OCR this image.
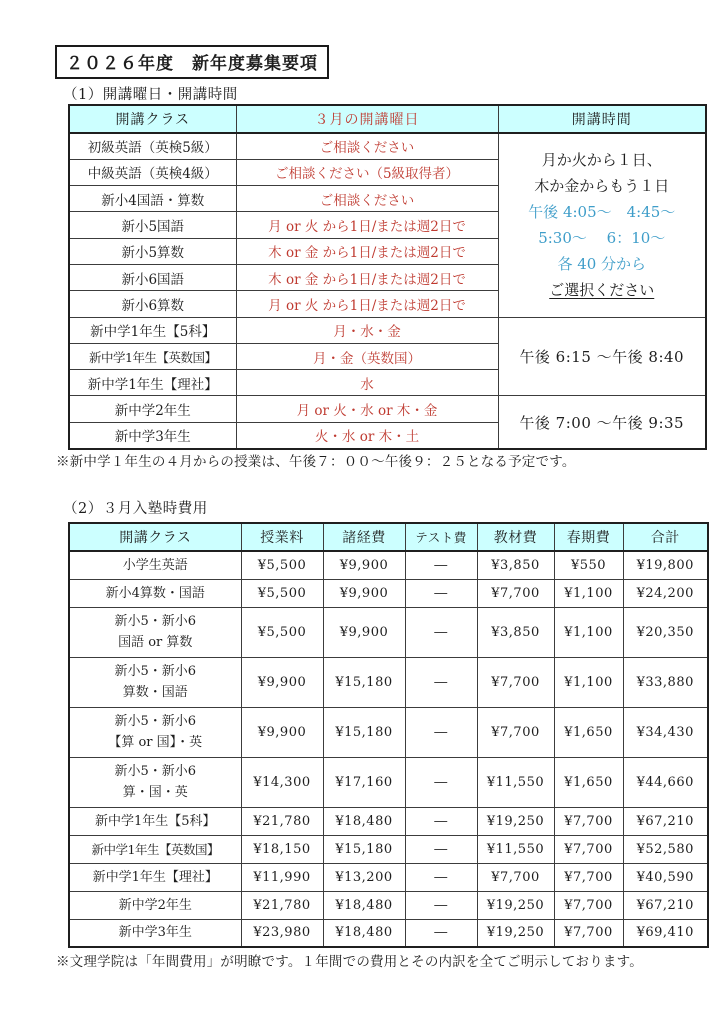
２０２６年度　新年度募集要項
（1）開講曜日・開講時間
開講クラス	３月の開講曜日	開講時間
初級英語（英検5級）	ご相談ください	
月か火から１日、
木か金からもう１日
午後 4:05～　4:45～
5:30～　 6：10～
各 40 分から
ご選択ください

中級英語（英検4級）	ご相談ください（5級取得者）	
新小4国語・算数	ご相談ください	
新小5国語	月 or 火 から1日/または週2日で	
新小5算数	木 or 金 から1日/または週2日で	
新小6国語	木 or 金 から1日/または週2日で	
新小6算数	月 or 火 から1日/または週2日で	
新中学1年生【5科】	月・水・金	午後 6:15 ～午後 8:40
新中学1年生【英数国】	月・金（英数国）	
新中学1年生【理社】	水	
新中学2年生	月 or 火・水 or 木・金	午後 7:00 ～午後 9:35
新中学3年生	火・水 or 木・土	
※新中学１年生の４月からの授業は、午後７：００～午後９：２５となる予定です。
（2）３月入塾時費用
開講クラス	授業料	諸経費	テスト費	教材費	春期費	合計
小学生英語	¥5,500	¥9,900	―	¥3,850	¥550	¥19,800
新小4算数・国語	¥5,500	¥9,900	―	¥7,700	¥1,100	¥24,200

新小5・新小6
国語 or 算数	¥5,500	¥9,900	―	¥3,850	¥1,100	¥20,350

新小5・新小6
算数・国語	¥9,900	¥15,180	―	¥7,700	¥1,100	¥33,880

新小5・新小6
【算 or 国】・英	¥9,900	¥15,180	―	¥7,700	¥1,650	¥34,430

新小5・新小6
算・国・英	¥14,300	¥17,160	―	¥11,550	¥1,650	¥44,660
新中学1年生【5科】	¥21,780	¥18,480	―	¥19,250	¥7,700	¥67,210
新中学1年生【英数国】	¥18,150	¥15,180	―	¥11,550	¥7,700	¥52,580
新中学1年生【理社】	¥11,990	¥13,200	―	¥7,700	¥7,700	¥40,590
新中学2年生	¥21,780	¥18,480	―	¥19,250	¥7,700	¥67,210
新中学3年生	¥23,980	¥18,480	―	¥19,250	¥7,700	¥69,410
※文理学院は「年間費用」が明瞭です。１年間での費用とその内訳を全てご明示しております。
